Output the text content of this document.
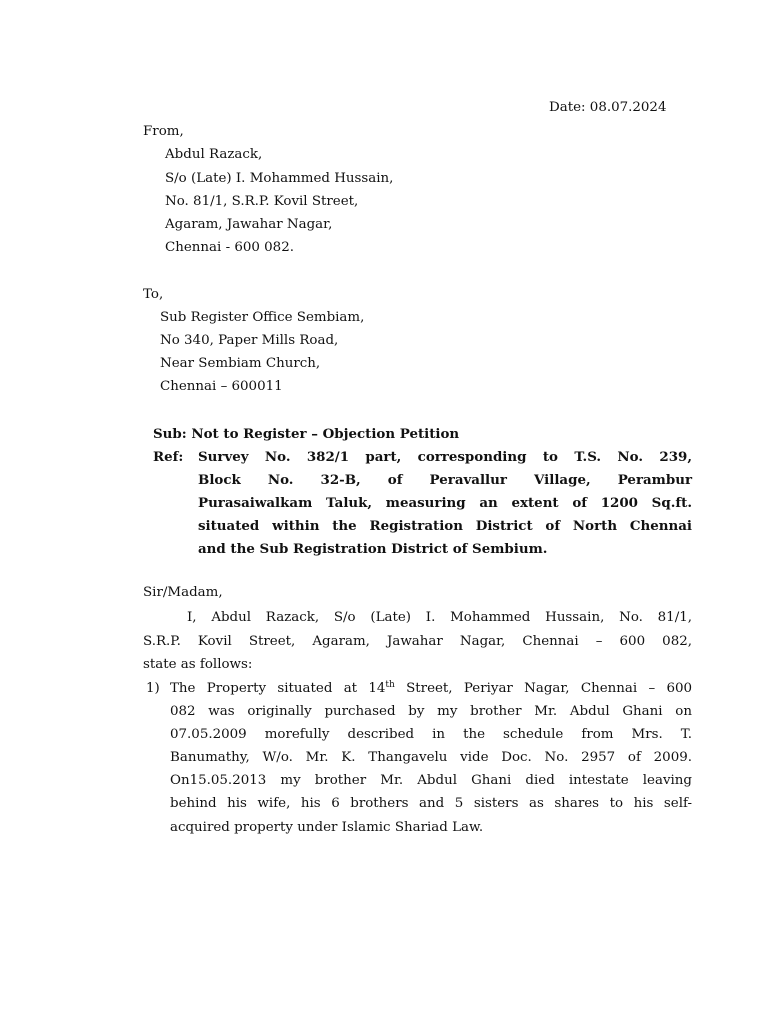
Date: 08.07.2024
From,
Abdul Razack,
S/o (Late) I. Mohammed Hussain,
No. 81/1, S.R.P. Kovil Street,
Agaram, Jawahar Nagar,
Chennai - 600 082.
To,
Sub Register Office Sembiam,
No 340, Paper Mills Road,
Near Sembiam Church,
Chennai – 600011
Sub: Not to Register – Objection Petition
Ref: Survey No. 382/1 part, corresponding to T.S. No. 239,
Block No. 32-B, of Peravallur Village, Perambur
Purasaiwalkam Taluk, measuring an extent of 1200 Sq.ft.
situated within the Registration District of North Chennai
and the Sub Registration District of Sembium.
Sir/Madam,
I, Abdul Razack, S/o (Late) I. Mohammed Hussain, No. 81/1,
S.R.P. Kovil Street, Agaram, Jawahar Nagar, Chennai – 600 082,
state as follows:
1) The Property situated at 14th Street, Periyar Nagar, Chennai – 600
082 was originally purchased by my brother Mr. Abdul Ghani on
07.05.2009 morefully described in the schedule from Mrs. T.
Banumathy, W/o. Mr. K. Thangavelu vide Doc. No. 2957 of 2009.
On15.05.2013 my brother Mr. Abdul Ghani died intestate leaving
behind his wife, his 6 brothers and 5 sisters as shares to his self-
acquired property under Islamic Shariad Law.
